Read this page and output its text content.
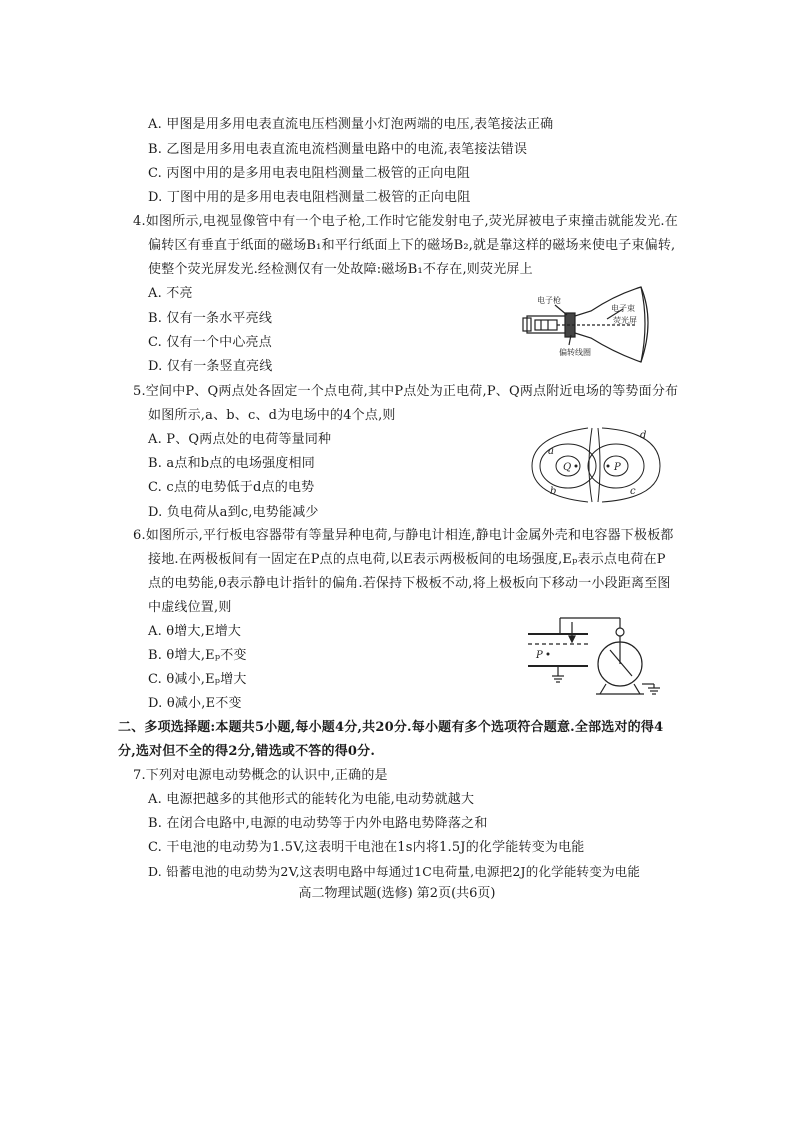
A. 甲图是用多用电表直流电压档测量小灯泡两端的电压,表笔接法正确
B. 乙图是用多用电表直流电流档测量电路中的电流,表笔接法错误
C. 丙图中用的是多用电表电阻档测量二极管的正向电阻
D. 丁图中用的是多用电表电阻档测量二极管的正向电阻
4.如图所示,电视显像管中有一个电子枪,工作时它能发射电子,荧光屏被电子束撞击就能发光.在
偏转区有垂直于纸面的磁场B₁和平行纸面上下的磁场B₂,就是靠这样的磁场来使电子束偏转,
使整个荧光屏发光.经检测仅有一处故障:磁场B₁不存在,则荧光屏上
A. 不亮
B. 仅有一条水平亮线
C. 仅有一个中心亮点
D. 仅有一条竖直亮线
电子枪
电子束
荧光屏
偏转线圈
5.空间中P、Q两点处各固定一个点电荷,其中P点处为正电荷,P、Q两点附近电场的等势面分布
如图所示,a、b、c、d为电场中的4个点,则
A. P、Q两点处的电荷等量同种
B. a点和b点的电场强度相同
C. c点的电势低于d点的电势
D. 负电荷从a到c,电势能减少
Q	P
a
b	c
d
6.如图所示,平行板电容器带有等量异种电荷,与静电计相连,静电计金属外壳和电容器下极板都
接地.在两极板间有一固定在P点的点电荷,以E表示两极板间的电场强度,Eₚ表示点电荷在P
点的电势能,θ表示静电计指针的偏角.若保持下极板不动,将上极板向下移动一小段距离至图
中虚线位置,则
A. θ增大,E增大
B. θ增大,Eₚ不变
C. θ减小,Eₚ增大
D. θ减小,E不变
P
二、多项选择题:本题共5小题,每小题4分,共20分.每小题有多个选项符合题意.全部选对的得4
分,选对但不全的得2分,错选或不答的得0分.
7.下列对电源电动势概念的认识中,正确的是
A. 电源把越多的其他形式的能转化为电能,电动势就越大
B. 在闭合电路中,电源的电动势等于内外电路电势降落之和
C. 干电池的电动势为1.5V,这表明干电池在1s内将1.5J的化学能转变为电能
D. 铅蓄电池的电动势为2V,这表明电路中每通过1C电荷量,电源把2J的化学能转变为电能
高二物理试题(选修) 第2页(共6页)
